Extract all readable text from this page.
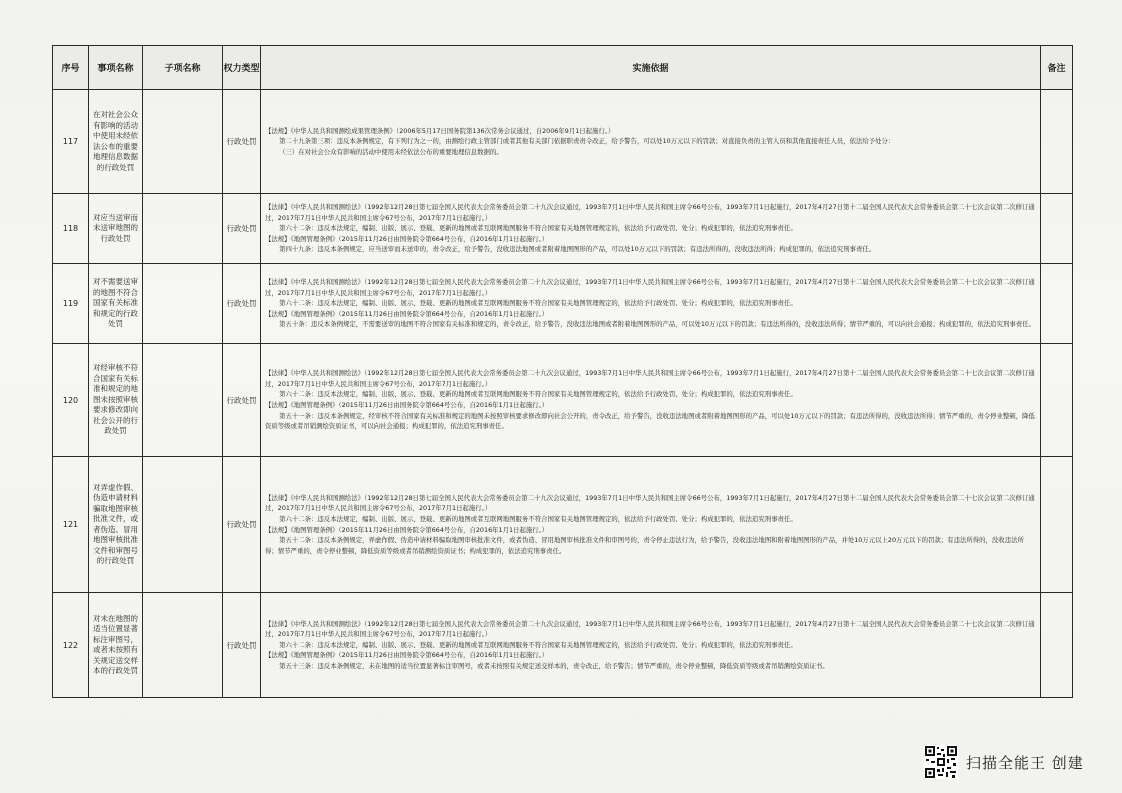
序号	事项名称	子项名称	权力类型	实施依据	备注
117	在对社会公众有影响的活动中使用未经依法公布的重要地理信息数据的行政处罚		行政处罚	【法规】《中华人民共和国测绘成果管理条例》（2006年5月17日国务院第136次常务会议通过，自2006年9月1日起施行。）

第二十九条第三项：违反本条例规定，有下列行为之一的，由测绘行政主管部门或者其他有关部门依据职责责令改正，给予警告，可以处10万元以下的罚款；对直接负责的主管人员和其他直接责任人员，依法给予处分：

（三）在对社会公众有影响的活动中使用未经依法公布的重要地理信息数据的。	

118	对应当送审而未送审地图的行政处罚		行政处罚	【法律】《中华人民共和国测绘法》（1992年12月28日第七届全国人民代表大会常务委员会第二十九次会议通过，1993年7月1日中华人民共和国主席令66号公布，1993年7月1日起施行，2017年4月27日第十二届全国人民代表大会常务委员会第二十七次会议第二次修订通过，2017年7月1日中华人民共和国主席令67号公布，2017年7月1日起施行。）

第六十二条：违反本法规定，编制、出版、展示、登载、更新的地图或者互联网地图服务不符合国家有关地图管理规定的，依法给予行政处罚、处分；构成犯罪的，依法追究刑事责任。

【法规】《地图管理条例》（2015年11月26日由国务院令第664号公布，自2016年1月1日起施行。）

第四十九条：违反本条例规定，应当送审而未送审的，责令改正，给予警告，没收违法地图或者附着地图图形的产品，可以处10万元以下的罚款；有违法所得的，没收违法所得；构成犯罪的，依法追究刑事责任。	

119	对不需要送审的地图不符合国家有关标准和规定的行政处罚		行政处罚	【法律】《中华人民共和国测绘法》（1992年12月28日第七届全国人民代表大会常务委员会第二十九次会议通过，1993年7月1日中华人民共和国主席令66号公布，1993年7月1日起施行，2017年4月27日第十二届全国人民代表大会常务委员会第二十七次会议第二次修订通过，2017年7月1日中华人民共和国主席令67号公布，2017年7月1日起施行。）

第六十二条：违反本法规定，编制、出版、展示、登载、更新的地图或者互联网地图服务不符合国家有关地图管理规定的，依法给予行政处罚、处分；构成犯罪的，依法追究刑事责任。

【法规】《地图管理条例》（2015年11月26日由国务院令第664号公布，自2016年1月1日起施行。）

第五十条：违反本条例规定，不需要送审的地图不符合国家有关标准和规定的，责令改正，给予警告，没收违法地图或者附着地图图形的产品，可以处10万元以下的罚款；有违法所得的，没收违法所得；情节严重的，可以向社会通报；构成犯罪的，依法追究刑事责任。	

120	对经审核不符合国家有关标准和规定的地图未按照审核要求修改即向社会公开的行政处罚		行政处罚	【法律】《中华人民共和国测绘法》（1992年12月28日第七届全国人民代表大会常务委员会第二十九次会议通过，1993年7月1日中华人民共和国主席令66号公布，1993年7月1日起施行，2017年4月27日第十二届全国人民代表大会常务委员会第二十七次会议第二次修订通过，2017年7月1日中华人民共和国主席令67号公布，2017年7月1日起施行。）

第六十二条：违反本法规定，编制、出版、展示、登载、更新的地图或者互联网地图服务不符合国家有关地图管理规定的，依法给予行政处罚、处分；构成犯罪的，依法追究刑事责任。

【法规】《地图管理条例》（2015年11月26日由国务院令第664号公布，自2016年1月1日起施行。）

第五十一条：违反本条例规定，经审核不符合国家有关标准和规定的地图未按照审核要求修改即向社会公开的，责令改正，给予警告，没收违法地图或者附着地图图形的产品，可以处10万元以下的罚款；有违法所得的，没收违法所得；情节严重的，责令停业整顿，降低资质等级或者吊销测绘资质证书，可以向社会通报；构成犯罪的，依法追究刑事责任。	

121	对弄虚作假、伪造申请材料骗取地图审核批准文件，或者伪造、冒用地图审核批准文件和审图号的行政处罚		行政处罚	【法律】《中华人民共和国测绘法》（1992年12月28日第七届全国人民代表大会常务委员会第二十九次会议通过，1993年7月1日中华人民共和国主席令66号公布，1993年7月1日起施行，2017年4月27日第十二届全国人民代表大会常务委员会第二十七次会议第二次修订通过，2017年7月1日中华人民共和国主席令67号公布，2017年7月1日起施行。）

第六十二条：违反本法规定，编制、出版、展示、登载、更新的地图或者互联网地图服务不符合国家有关地图管理规定的，依法给予行政处罚、处分；构成犯罪的，依法追究刑事责任。

【法规】《地图管理条例》（2015年11月26日由国务院令第664号公布，自2016年1月1日起施行。）

第五十二条：违反本条例规定，弄虚作假、伪造申请材料骗取地图审核批准文件，或者伪造、冒用地图审核批准文件和审图号的，责令停止违法行为，给予警告，没收违法地图和附着地图图形的产品，并处10万元以上20万元以下的罚款；有违法所得的，没收违法所得；情节严重的，责令停业整顿，降低资质等级或者吊销测绘资质证书；构成犯罪的，依法追究刑事责任。	

122	对未在地图的适当位置显著标注审图号，或者未按照有关规定送交样本的行政处罚		行政处罚	【法律】《中华人民共和国测绘法》（1992年12月28日第七届全国人民代表大会常务委员会第二十九次会议通过，1993年7月1日中华人民共和国主席令66号公布，1993年7月1日起施行，2017年4月27日第十二届全国人民代表大会常务委员会第二十七次会议第二次修订通过，2017年7月1日中华人民共和国主席令67号公布，2017年7月1日起施行。）

第六十二条：违反本法规定，编制、出版、展示、登载、更新的地图或者互联网地图服务不符合国家有关地图管理规定的，依法给予行政处罚、处分；构成犯罪的，依法追究刑事责任。

【法规】《地图管理条例》（2015年11月26日由国务院令第664号公布，自2016年1月1日起施行。）

第五十三条：违反本条例规定，未在地图的适当位置显著标注审图号，或者未按照有关规定送交样本的，责令改正，给予警告；情节严重的，责令停业整顿，降低资质等级或者吊销测绘资质证书。	

扫描全能王 创建
